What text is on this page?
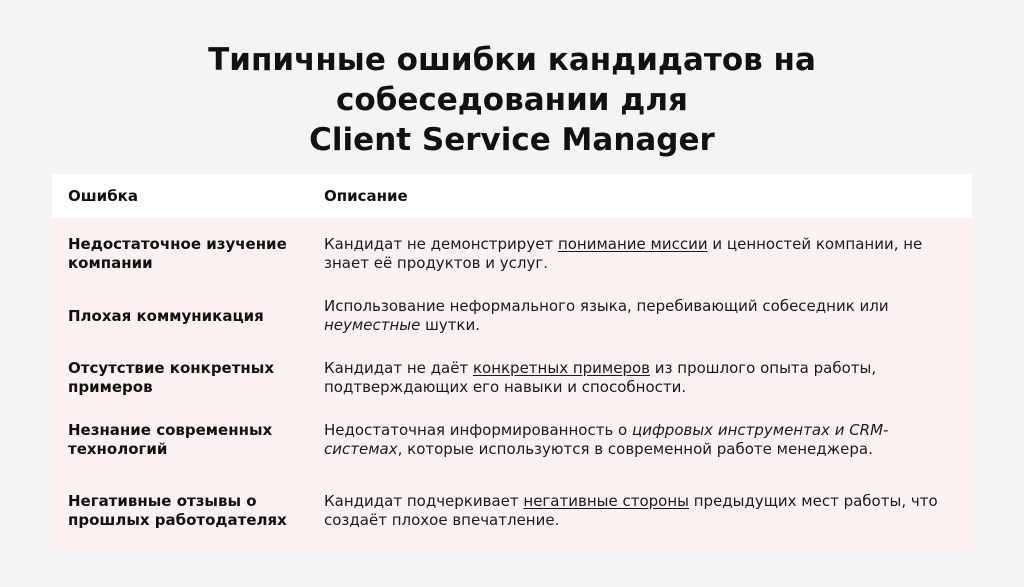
Типичные ошибки кандидатов на
собеседовании для
Client Service Manager
Ошибка	Описание
Недостаточное изучение компании
Кандидат не демонстрирует понимание миссии и ценностей компании, не знает её продуктов и услуг.
Плохая коммуникация
Использование неформального языка, перебивающий собеседник или неуместные шутки.
Отсутствие конкретных примеров
Кандидат не даёт конкретных примеров из прошлого опыта работы, подтверждающих его навыки и способности.
Незнание современных технологий
Недостаточная информированность о цифровых инструментах и CRM-системах, которые используются в современной работе менеджера.
Негативные отзывы о прошлых работодателях
Кандидат подчеркивает негативные стороны предыдущих мест работы, что создаёт плохое впечатление.
